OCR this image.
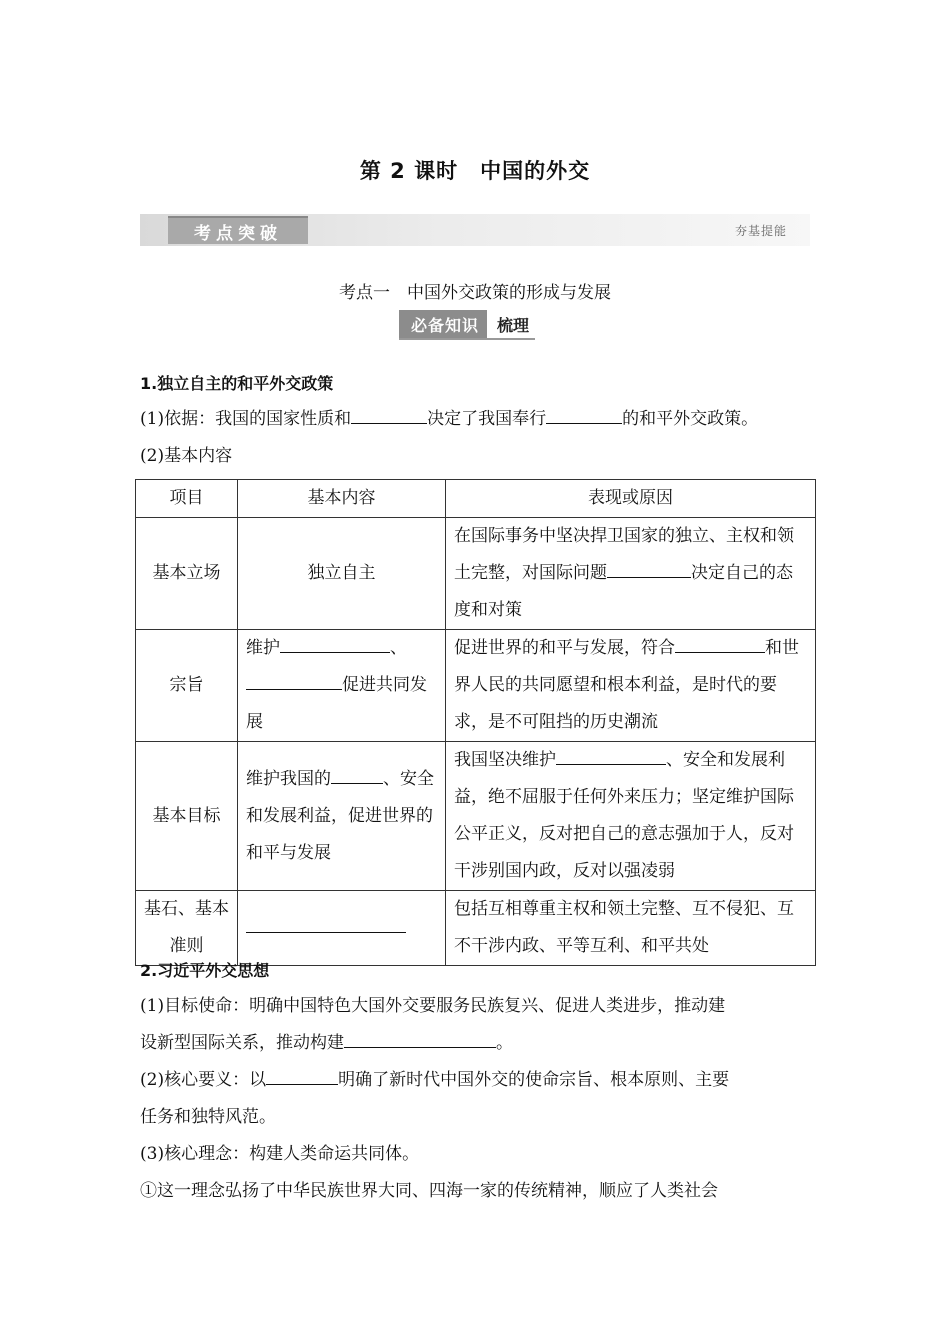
第 2 课时　中国的外交
考点突破	夯基提能
考点一　中国外交政策的形成与发展
必备知识	梳理
1.独立自主的和平外交政策
(1)依据：我国的国家性质和	决定了我国奉行	的和平外交政策。
(2)基本内容
项目	基本内容	表现或原因
基本立场	独立自主	在国际事务中坚决捍卫国家的独立、主权和领土完整，对国际问题 决定自己的态度和对策

宗旨	维护 、促进共同发展	促进世界的和平与发展，符合 和世界人民的共同愿望和根本利益，是时代的要求，是不可阻挡的历史潮流

基本目标	维护我国的 、安全和发展利益，促进世界的和平与发展	我国坚决维护 、安全和发展利益，绝不屈服于任何外来压力；坚定维护国际公平正义，反对把自己的意志强加于人，反对干涉别国内政，反对以强凌弱

基石、基本准则		包括互相尊重主权和领土完整、互不侵犯、互不干涉内政、平等互利、和平共处
2.习近平外交思想
(1)目标使命：明确中国特色大国外交要服务民族复兴、促进人类进步，推动建
设新型国际关系，推动构建	。
(2)核心要义：以	明确了新时代中国外交的使命宗旨、根本原则、主要
任务和独特风范。
(3)核心理念：构建人类命运共同体。
①这一理念弘扬了中华民族世界大同、四海一家的传统精神，顺应了人类社会
